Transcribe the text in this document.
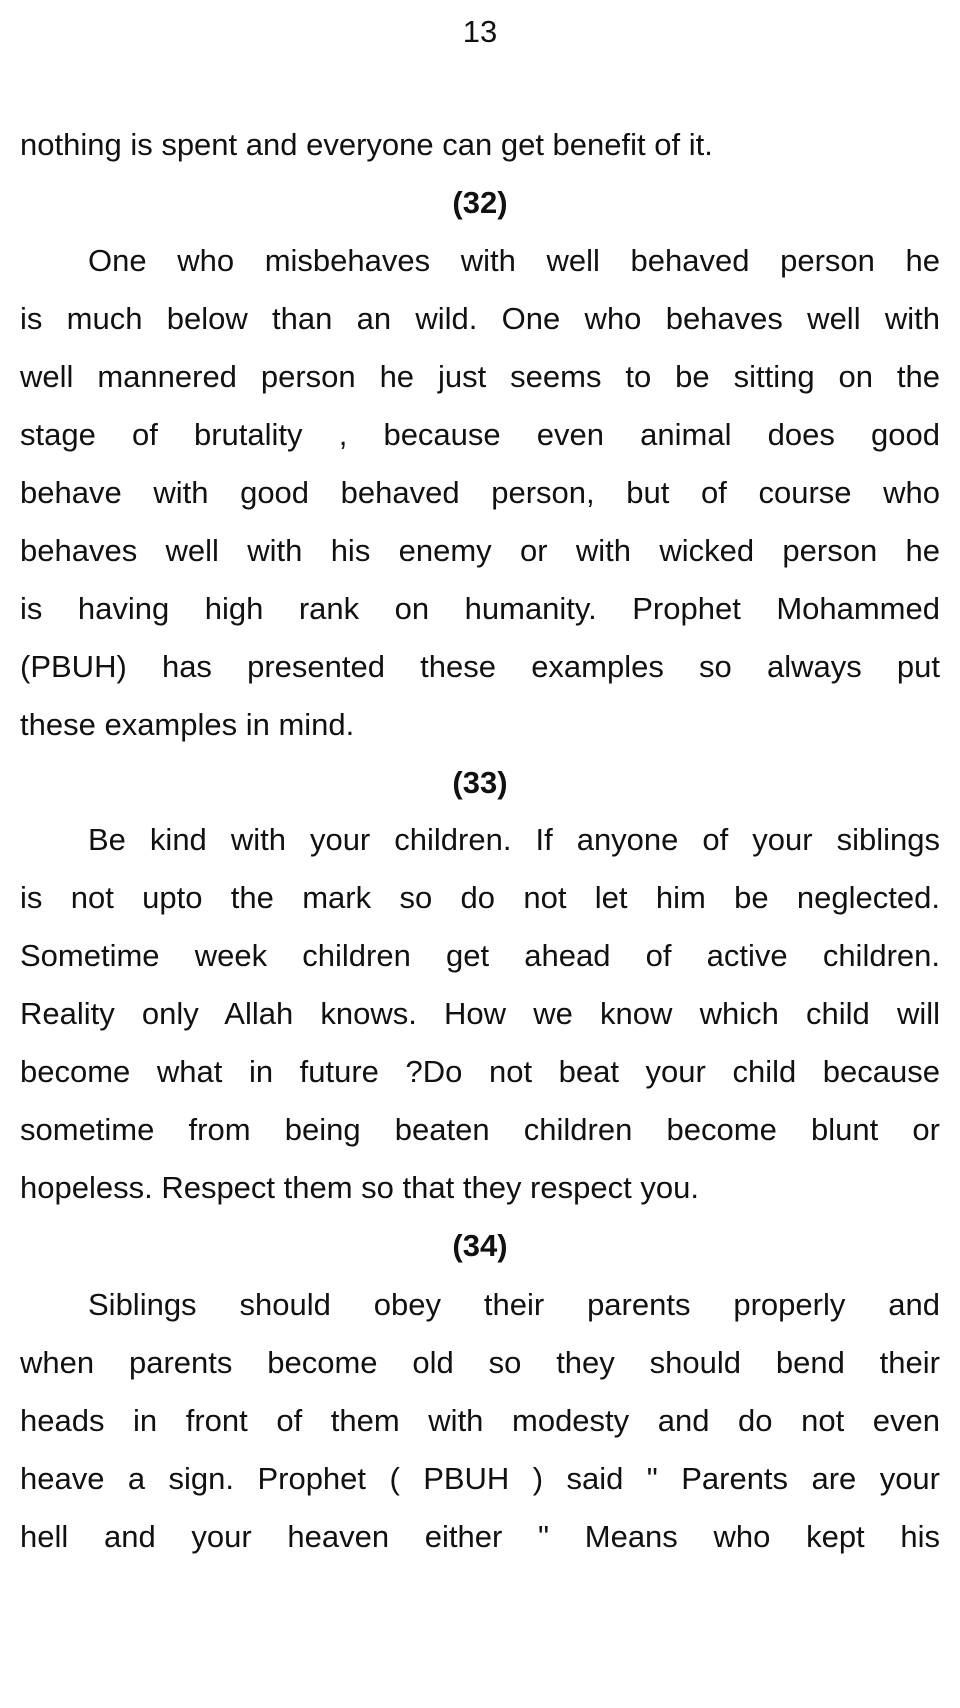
13
nothing is spent and everyone can get benefit of it.
(32)
One who misbehaves with well behaved person he
is much below than an wild. One who behaves well with
well mannered person he just seems to be sitting on the
stage of brutality , because even animal does good
behave with good behaved person, but of course who
behaves well with his enemy or with wicked person he
is having high rank on humanity. Prophet Mohammed
(PBUH) has presented these examples so always put
these examples in mind.
(33)
Be kind with your children. If anyone of your siblings
is not upto the mark so do not let him be neglected.
Sometime week children get ahead of active children.
Reality only Allah knows. How we know which child will
become what in future ?Do not beat your child because
sometime from being beaten children become blunt or
hopeless. Respect them so that they respect you.
(34)
Siblings should obey their parents properly and
when parents become old so they should bend their
heads in front of them with modesty and do not even
heave a sign. Prophet ( PBUH ) said " Parents are your
hell and your heaven either " Means who kept his
